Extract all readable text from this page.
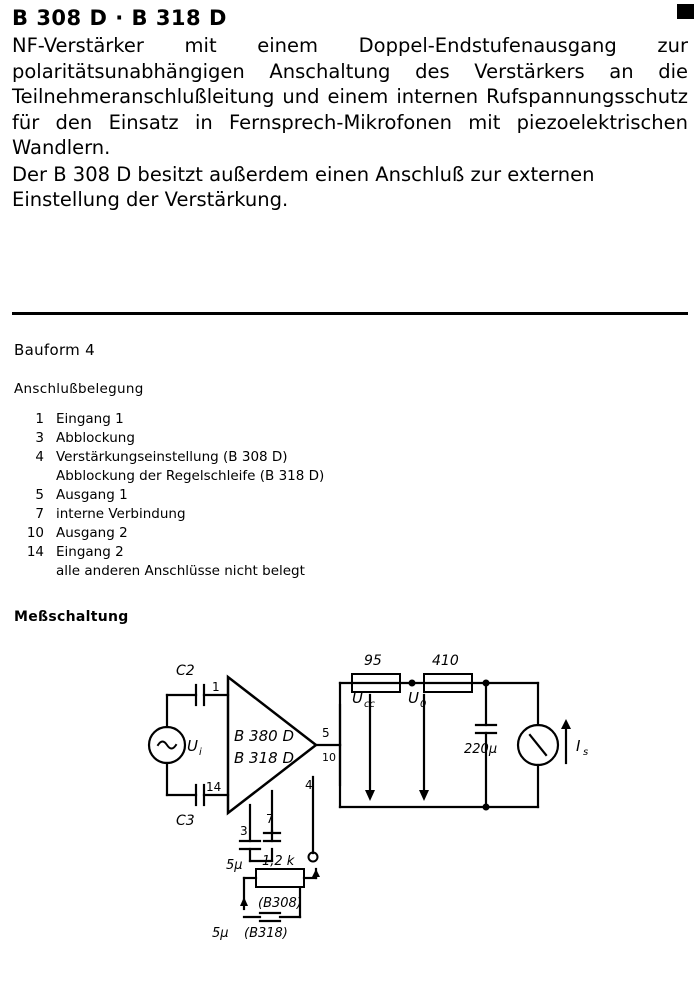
B 308 D · B 318 D

NF-Verstärker mit einem Doppel-Endstufenausgang zur polaritätsunabhängigen Anschaltung des Verstärkers an die Teilnehmeranschlußleitung und einem internen Rufspannungsschutz für den Einsatz in Fernsprech-Mikrofonen mit piezoelektrischen Wandlern.

Der B 308 D besitzt außerdem einen Anschluß zur externen Einstellung der Verstärkung.

Bauform 4
Anschlußbelegung
1 Eingang 1
3 Abblockung
4 Verstärkungseinstellung (B 308 D)
Abblockung der Regelschleife (B 318 D)
5 Ausgang 1
7 interne Verbindung
10 Ausgang 2
14 Eingang 2
alle anderen Anschlüsse nicht belegt
Meßschaltung
U i
C2
C3
1
14
3
7
4
5
10
B 380 D
B 318 D
95	410
U cc U 0
220µ	I s
5µ 1,2 k
(B308)
5µ (B318)
